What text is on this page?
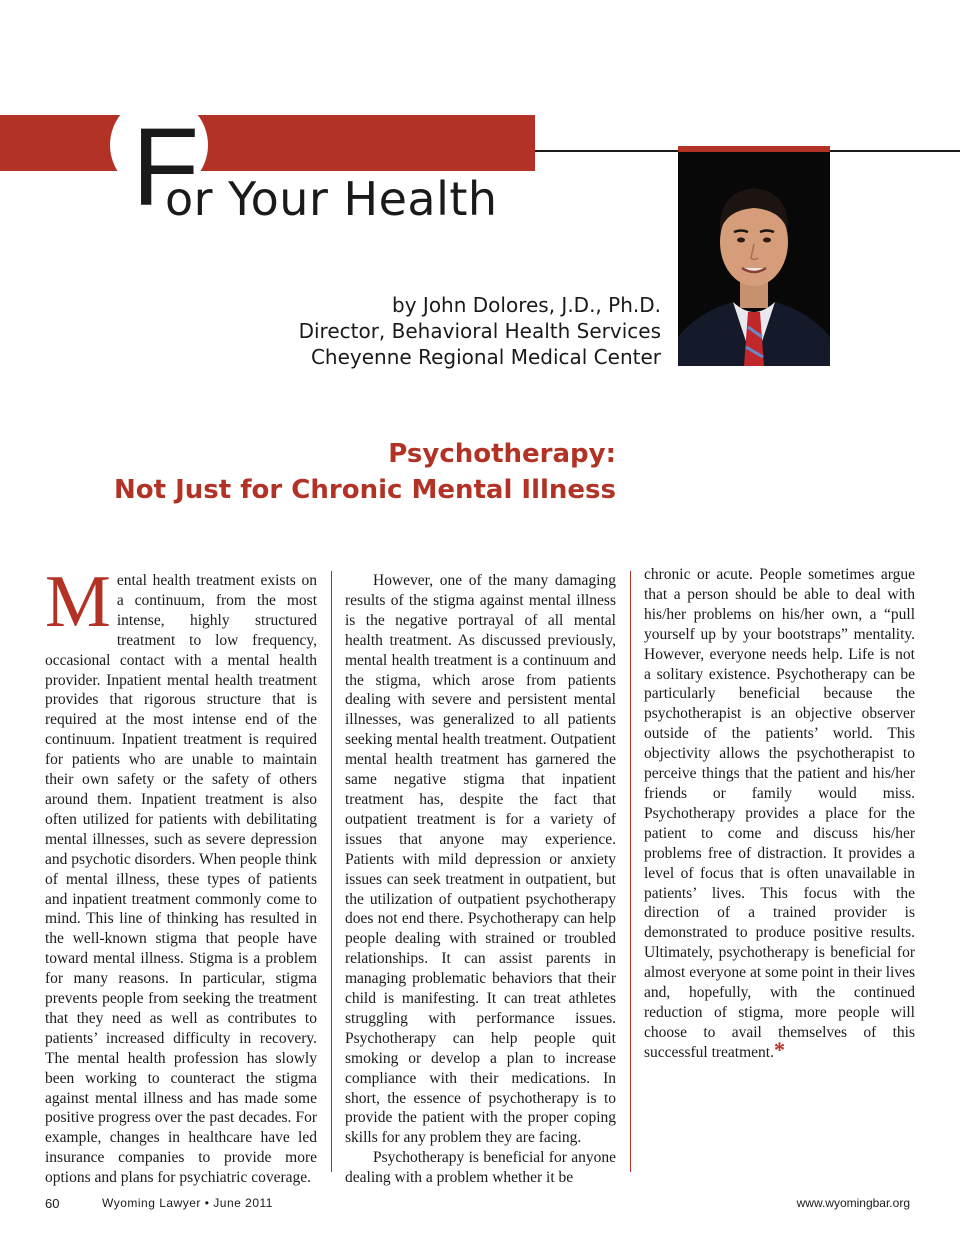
F
or Your Health
by John Dolores, J.D., Ph.D.
Director, Behavioral Health Services
Cheyenne Regional Medical Center
Psychotherapy:
Not Just for Chronic Mental Illness

Mental health treatment exists on a continuum, from the most intense, highly structured treatment to low frequency, occasional contact with a mental health provider. Inpatient mental health treatment provides that rigorous structure that is required at the most intense end of the continuum. Inpatient treatment is required for patients who are unable to maintain their own safety or the safety of others around them. Inpatient treatment is also often utilized for patients with debilitating mental illnesses, such as severe depression and psychotic disorders. When people think of mental illness, these types of patients and inpatient treatment commonly come to mind. This line of thinking has resulted in the well-known stigma that people have toward mental illness. Stigma is a problem for many reasons. In particular, stigma prevents people from seeking the treatment that they need as well as contributes to patients’ increased difficulty in recovery. The mental health profession has slowly been working to counteract the stigma against mental illness and has made some positive progress over the past decades. For example, changes in healthcare have led insurance companies to provide more options and plans for psychiatric coverage.

However, one of the many damaging results of the stigma against mental illness is the negative portrayal of all mental health treatment. As discussed previously, mental health treatment is a continuum and the stigma, which arose from patients dealing with severe and persistent mental illnesses, was generalized to all patients seeking mental health treatment. Outpatient mental health treatment has garnered the same negative stigma that inpatient treatment has, despite the fact that outpatient treatment is for a variety of issues that anyone may experience. Patients with mild depression or anxiety issues can seek treatment in outpatient, but the utilization of outpatient psychotherapy does not end there. Psychotherapy can help people dealing with strained or troubled relationships. It can assist parents in managing problematic behaviors that their child is manifesting. It can treat athletes struggling with performance issues. Psychotherapy can help people quit smoking or develop a plan to increase compliance with their medications. In short, the essence of psychotherapy is to provide the patient with the proper coping skills for any problem they are facing.

Psychotherapy is beneficial for anyone dealing with a problem whether it be

chronic or acute. People sometimes argue that a person should be able to deal with his/her problems on his/her own, a “pull yourself up by your bootstraps” mentality. However, everyone needs help. Life is not a solitary existence. Psychotherapy can be particularly beneficial because the psychotherapist is an objective observer outside of the patients’ world. This objectivity allows the psychotherapist to perceive things that the patient and his/her friends or family would miss. Psychotherapy provides a place for the patient to come and discuss his/her problems free of distraction. It provides a level of focus that is often unavailable in patients’ lives. This focus with the direction of a trained provider is demonstrated to produce positive results. Ultimately, psychotherapy is beneficial for almost everyone at some point in their lives and, hopefully, with the continued reduction of stigma, more people will choose to avail themselves of this successful treatment.*

60	Wyoming Lawyer • June 2011	www.wyomingbar.org
